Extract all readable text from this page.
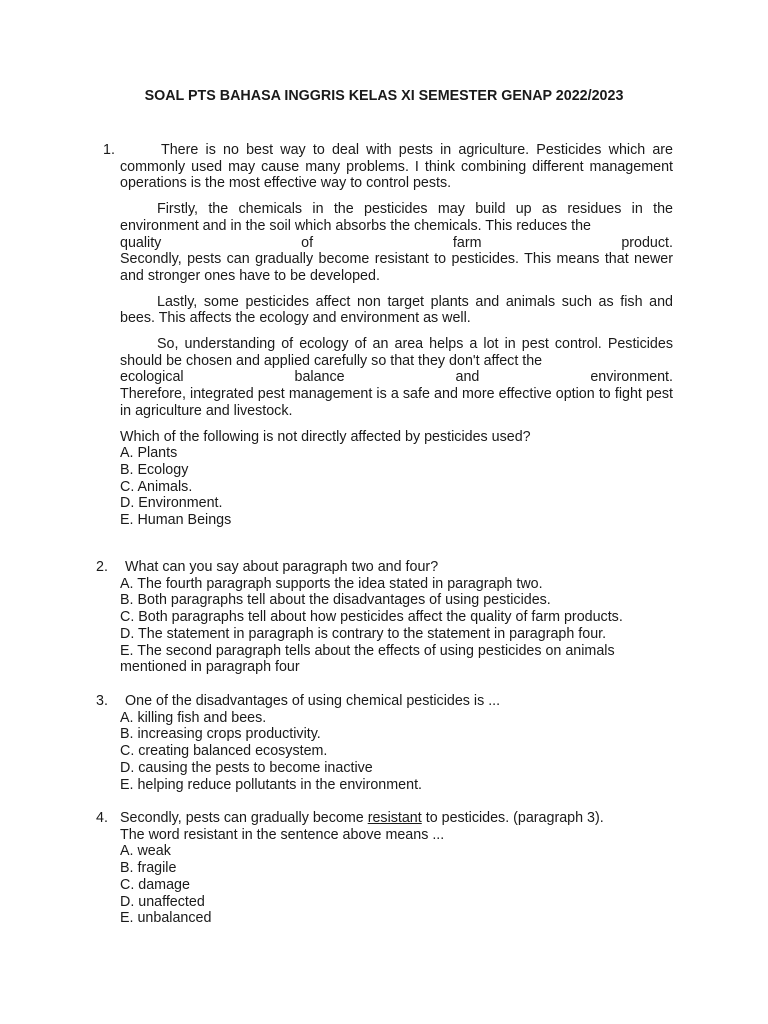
SOAL PTS BAHASA INGGRIS KELAS XI SEMESTER GENAP 2022/2023
1.	There is no best way to deal with pests in agriculture. Pesticides which are commonly used may cause many problems. I think combining different management operations is the most effective way to control pests.

Firstly, the chemicals in the pesticides may build up as residues in the environment and in the soil which absorbs the chemicals. This reduces the

quality	of	farm	product.

Secondly, pests can gradually become resistant to pesticides. This means that newer and stronger ones have to be developed.

Lastly, some pesticides affect non target plants and animals such as fish and bees. This affects the ecology and environment as well.

So, understanding of ecology of an area helps a lot in pest control. Pesticides should be chosen and applied carefully so that they don't affect the

ecological	balance	and	environment.

Therefore, integrated pest management is a safe and more effective option to fight pest in agriculture and livestock.

Which of the following is not directly affected by pesticides used?

A. Plants

B. Ecology

C. Animals.

D. Environment.

E. Human Beings

2.	What can you say about paragraph two and four?

A. The fourth paragraph supports the idea stated in paragraph two.

B. Both paragraphs tell about the disadvantages of using pesticides.

C. Both paragraphs tell about how pesticides affect the quality of farm products.

D. The statement in paragraph is contrary to the statement in paragraph four.

E. The second paragraph tells about the effects of using pesticides on animals mentioned in paragraph four

3.	One of the disadvantages of using chemical pesticides is ...

A. killing fish and bees.

B. increasing crops productivity.

C. creating balanced ecosystem.

D. causing the pests to become inactive

E. helping reduce pollutants in the environment.

4. Secondly, pests can gradually become resistant to pesticides. (paragraph 3).

The word resistant in the sentence above means ...

A. weak

B. fragile

C. damage

D. unaffected

E. unbalanced
